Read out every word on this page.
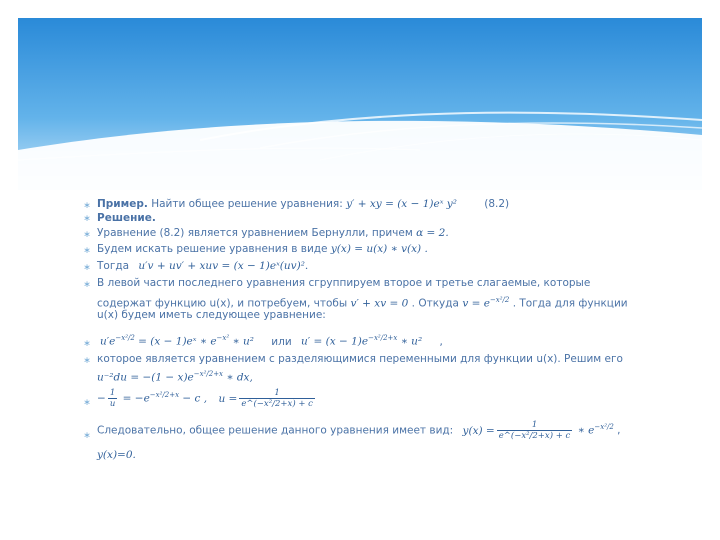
∗ Пример. Найти общее решение уравнения: y′ + xy = (x − 1)eˣ y²	(8.2)
∗ Решение.
∗ Уравнение (8.2) является уравнением Бернулли, причем α = 2.
∗ Будем искать решение уравнения в виде y(x) = u(x) ∗ v(x) .
∗ Тогда u′v + uv′ + xuv = (x − 1)eˣ(uv)².
∗ В левой части последнего уравнения сгруппируем второе и третье слагаемые, которые
содержат функцию u(x), и потребуем, чтобы v′ + xv = 0 . Откуда $v = e^{-x^2/2}$ . Тогда для функции
u(x) будем иметь следующее уравнение:
∗ $u'e^{-x^2/2} = (x$ − 1)eˣ ∗ $e^{-x^2}$ ∗ u² или $u' = (x - 1)e^{-x^2/2+x}$ ∗ u² ,
∗ которое является уравнением с разделяющимися переменными для функции u(x). Решим его
$u^{-2}du = -(1 - x)e^{-x^2/2+x}$ ∗ dx,
∗ − $\frac{1}{u} = -e^{-x^2/2+x} - c$ , $u = \frac{1}{\text{e\textasciicircum{}(−x²/2+x) + c}}$
∗ Следовательно, общее решение данного уравнения имеет вид: $y(x) = \frac{1}{\text{e\textasciicircum{}(−x²/2+x) + c}}$ ∗ $e^{-x^2/2}$ ,
y(x)=0.
